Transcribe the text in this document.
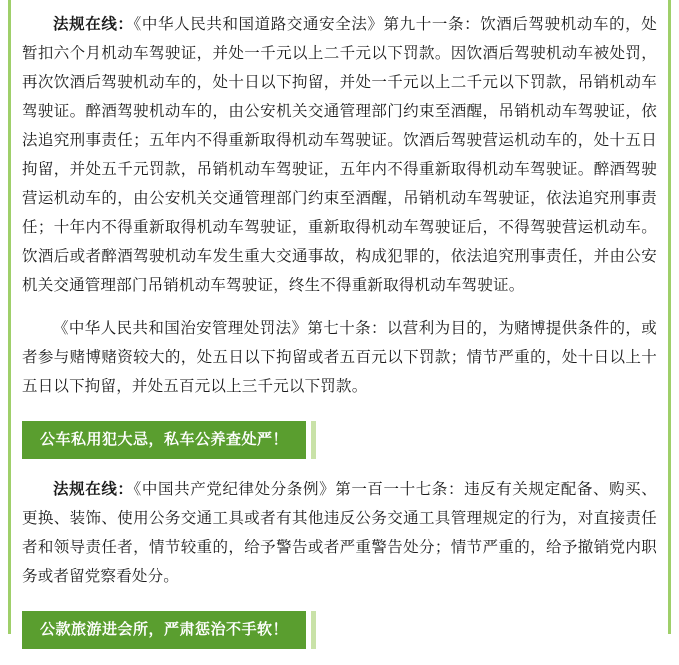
法规在线：《中华人民共和国道路交通安全法》第九十一条：饮酒后驾驶机动车的，处暂扣六个月机动车驾驶证，并处一千元以上二千元以下罚款。因饮酒后驾驶机动车被处罚，再次饮酒后驾驶机动车的，处十日以下拘留，并处一千元以上二千元以下罚款，吊销机动车驾驶证。醉酒驾驶机动车的，由公安机关交通管理部门约束至酒醒，吊销机动车驾驶证，依法追究刑事责任；五年内不得重新取得机动车驾驶证。饮酒后驾驶营运机动车的，处十五日拘留，并处五千元罚款，吊销机动车驾驶证，五年内不得重新取得机动车驾驶证。醉酒驾驶营运机动车的，由公安机关交通管理部门约束至酒醒，吊销机动车驾驶证，依法追究刑事责任；十年内不得重新取得机动车驾驶证，重新取得机动车驾驶证后，不得驾驶营运机动车。饮酒后或者醉酒驾驶机动车发生重大交通事故，构成犯罪的，依法追究刑事责任，并由公安机关交通管理部门吊销机动车驾驶证，终生不得重新取得机动车驾驶证。

《中华人民共和国治安管理处罚法》第七十条：以营利为目的，为赌博提供条件的，或者参与赌博赌资较大的，处五日以下拘留或者五百元以下罚款；情节严重的，处十日以上十五日以下拘留，并处五百元以上三千元以下罚款。

公车私用犯大忌，私车公养查处严！

法规在线：《中国共产党纪律处分条例》第一百一十七条：违反有关规定配备、购买、更换、装饰、使用公务交通工具或者有其他违反公务交通工具管理规定的行为，对直接责任者和领导责任者，情节较重的，给予警告或者严重警告处分；情节严重的，给予撤销党内职务或者留党察看处分。

公款旅游进会所，严肃惩治不手软！
